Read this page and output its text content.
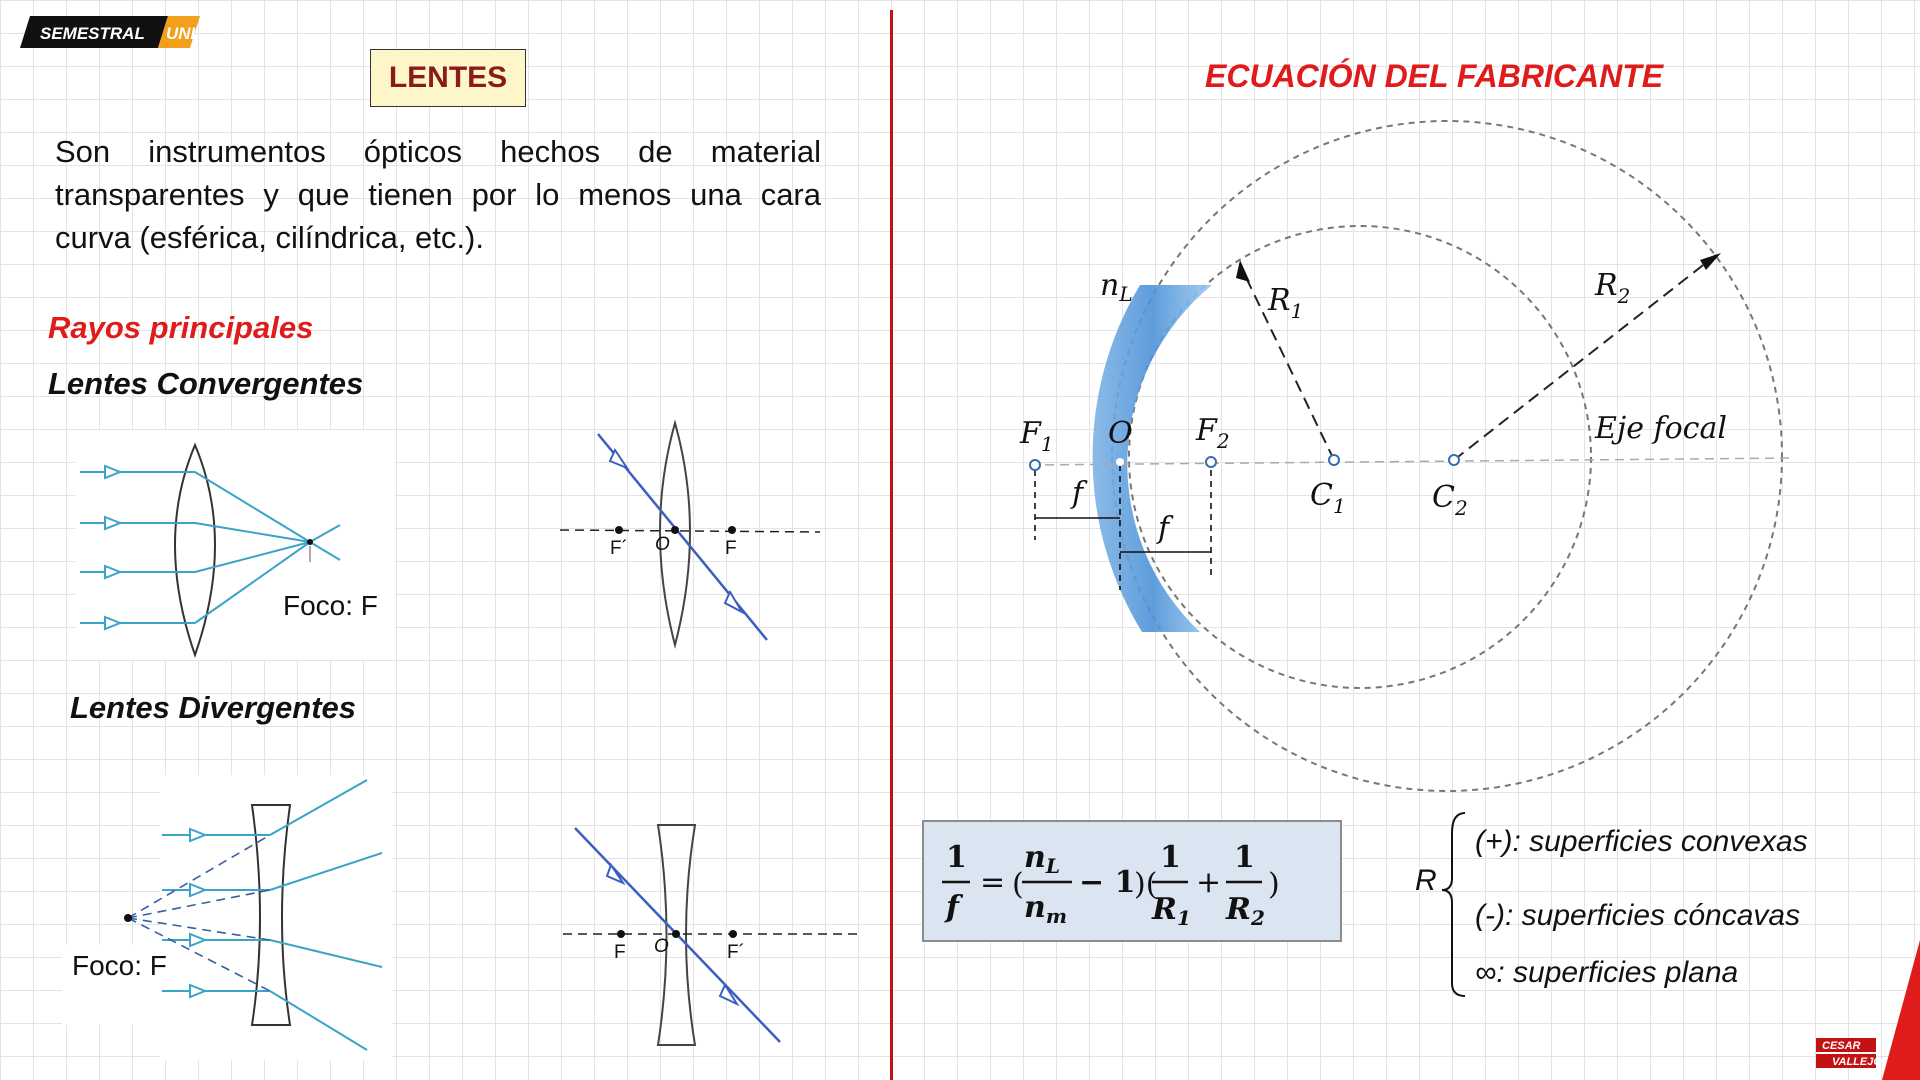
SEMESTRAL UNI
LENTES
Son instrumentos ópticos hechos de material transparentes y que tienen por lo menos una cara curva (esférica, cilíndrica, etc.).
Rayos principales
Lentes Convergentes
Lentes Divergentes
Foco: F
F´ O	F
Foco: F	F O	F´
ECUACIÓN DEL FABRICANTE
$n_L$	$R_1$
$R_2$
$F_1$ O $F_2$
$C_1$	$C_2$
f
f
Eje focal
1
f
= (
$n_L$
$n_m$
− 1
)(
1
$R_1$
+
1
$R_2$
)	R
(+): superficies convexas
(-): superficies cóncavas
∞: superficies plana
CESAR
VALLEJO
